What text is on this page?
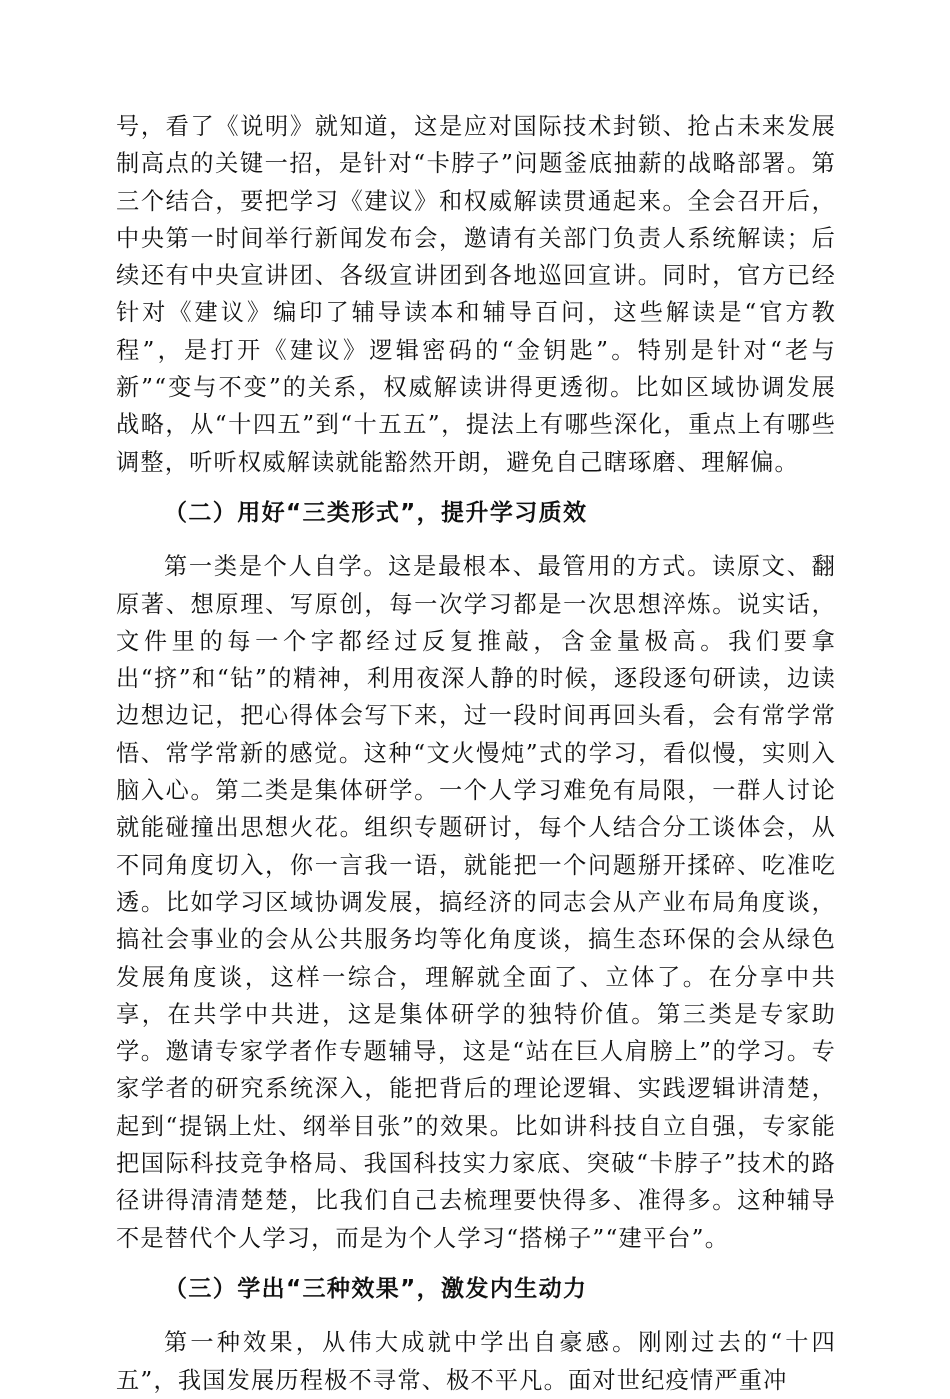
号，看了《说明》就知道，这是应对国际技术封锁、抢占未来发展制高点的关键一招，是针对“卡脖子”问题釜底抽薪的战略部署。第三个结合，要把学习《建议》和权威解读贯通起来。全会召开后，中央第一时间举行新闻发布会，邀请有关部门负责人系统解读；后续还有中央宣讲团、各级宣讲团到各地巡回宣讲。同时，官方已经针对《建议》编印了辅导读本和辅导百问，这些解读是“官方教程”，是打开《建议》逻辑密码的“金钥匙”。特别是针对“老与新”“变与不变”的关系，权威解读讲得更透彻。比如区域协调发展战略，从“十四五”到“十五五”，提法上有哪些深化，重点上有哪些调整，听听权威解读就能豁然开朗，避免自己瞎琢磨、理解偏。

（二）用好“三类形式”，提升学习质效

第一类是个人自学。这是最根本、最管用的方式。读原文、翻原著、想原理、写原创，每一次学习都是一次思想淬炼。说实话，文件里的每一个字都经过反复推敲，含金量极高。我们要拿出“挤”和“钻”的精神，利用夜深人静的时候，逐段逐句研读，边读边想边记，把心得体会写下来，过一段时间再回头看，会有常学常悟、常学常新的感觉。这种“文火慢炖”式的学习，看似慢，实则入脑入心。第二类是集体研学。一个人学习难免有局限，一群人讨论就能碰撞出思想火花。组织专题研讨，每个人结合分工谈体会，从不同角度切入，你一言我一语，就能把一个问题掰开揉碎、吃准吃透。比如学习区域协调发展，搞经济的同志会从产业布局角度谈，搞社会事业的会从公共服务均等化角度谈，搞生态环保的会从绿色发展角度谈，这样一综合，理解就全面了、立体了。在分享中共享，在共学中共进，这是集体研学的独特价值。第三类是专家助学。邀请专家学者作专题辅导，这是“站在巨人肩膀上”的学习。专家学者的研究系统深入，能把背后的理论逻辑、实践逻辑讲清楚，起到“提锅上灶、纲举目张”的效果。比如讲科技自立自强，专家能把国际科技竞争格局、我国科技实力家底、突破“卡脖子”技术的路径讲得清清楚楚，比我们自己去梳理要快得多、准得多。这种辅导不是替代个人学习，而是为个人学习“搭梯子”“建平台”。

（三）学出“三种效果”，激发内生动力

第一种效果，从伟大成就中学出自豪感。刚刚过去的“十四五”，我国发展历程极不寻常、极不平凡。面对世纪疫情严重冲
